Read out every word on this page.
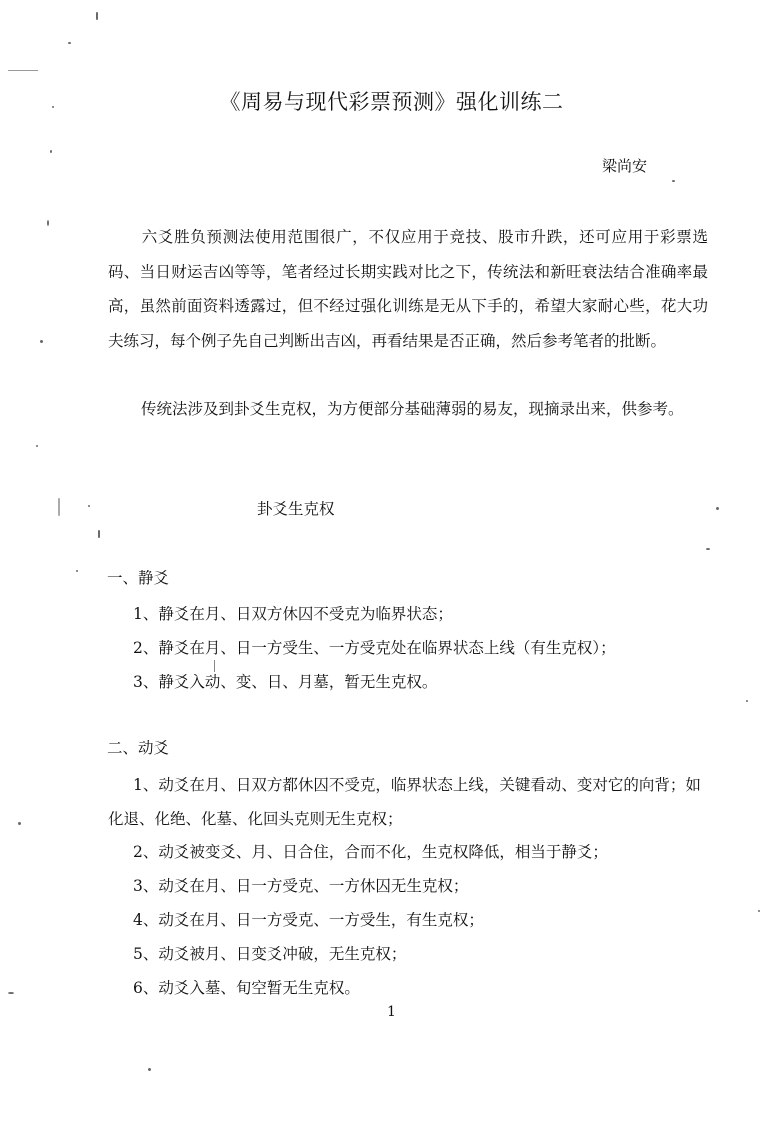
《周易与现代彩票预测》强化训练二
梁尚安
六爻胜负预测法使用范围很广，不仅应用于竞技、股市升跌，还可应用于彩票选码、当日财运吉凶等等，笔者经过长期实践对比之下，传统法和新旺衰法结合准确率最高，虽然前面资料透露过，但不经过强化训练是无从下手的，希望大家耐心些，花大功夫练习，每个例子先自己判断出吉凶，再看结果是否正确，然后参考笔者的批断。
传统法涉及到卦爻生克权，为方便部分基础薄弱的易友，现摘录出来，供参考。
卦爻生克权
一、静爻
1、静爻在月、日双方休囚不受克为临界状态；
2、静爻在月、日一方受生、一方受克处在临界状态上线（有生克权）；
3、静爻入动、变、日、月墓，暂无生克权。
二、动爻
1、动爻在月、日双方都休囚不受克，临界状态上线，关键看动、变对它的向背；如化退、化绝、化墓、化回头克则无生克权；
2、动爻被变爻、月、日合住，合而不化，生克权降低，相当于静爻；
3、动爻在月、日一方受克、一方休囚无生克权；
4、动爻在月、日一方受克、一方受生，有生克权；
5、动爻被月、日变爻冲破，无生克权；
6、动爻入墓、旬空暂无生克权。
1
